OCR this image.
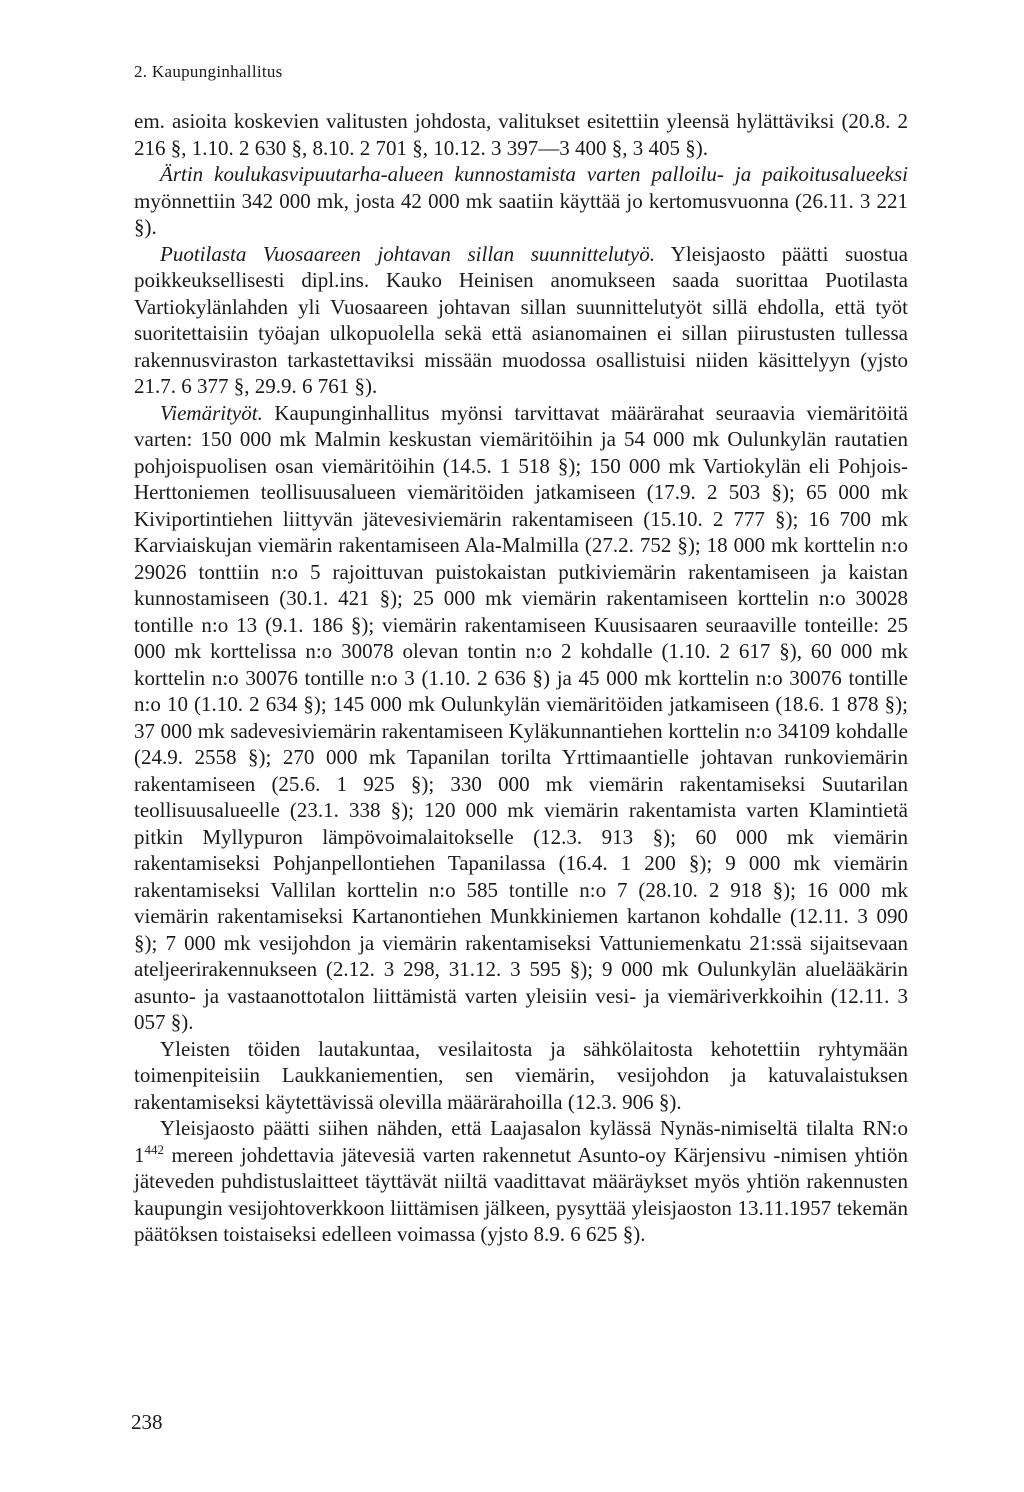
2. Kaupunginhallitus

em. asioita koskevien valitusten johdosta, valitukset esitettiin yleensä hylättäviksi (20.8. 2 216 §, 1.10. 2 630 §, 8.10. 2 701 §, 10.12. 3 397—3 400 §, 3 405 §).

Ärtin koulukasvipuutarha-alueen kunnostamista varten palloilu- ja paikoitusalueeksi myönnettiin 342 000 mk, josta 42 000 mk saatiin käyttää jo kertomusvuonna (26.11. 3 221 §).

Puotilasta Vuosaareen johtavan sillan suunnittelutyö. Yleisjaosto päätti suostua poikkeuksellisesti dipl.ins. Kauko Heinisen anomukseen saada suorittaa Puotilasta Vartiokylänlahden yli Vuosaareen johtavan sillan suunnittelutyöt sillä ehdolla, että työt suoritettaisiin työajan ulkopuolella sekä että asianomainen ei sillan piirustusten tullessa rakennusviraston tarkastettaviksi missään muodossa osallistuisi niiden käsittelyyn (yjsto 21.7. 6 377 §, 29.9. 6 761 §).

Viemärityöt. Kaupunginhallitus myönsi tarvittavat määrärahat seuraavia viemäritöitä varten: 150 000 mk Malmin keskustan viemäritöihin ja 54 000 mk Oulunkylän rautatien pohjoispuolisen osan viemäritöihin (14.5. 1 518 §); 150 000 mk Vartiokylän eli Pohjois-Herttoniemen teollisuusalueen viemäritöiden jatkamiseen (17.9. 2 503 §); 65 000 mk Kiviportintiehen liittyvän jätevesiviemärin rakentamiseen (15.10. 2 777 §); 16 700 mk Karviaiskujan viemärin rakentamiseen Ala-Malmilla (27.2. 752 §); 18 000 mk korttelin n:o 29026 tonttiin n:o 5 rajoittuvan puistokaistan putkiviemärin rakentamiseen ja kaistan kunnostamiseen (30.1. 421 §); 25 000 mk viemärin rakentamiseen korttelin n:o 30028 tontille n:o 13 (9.1. 186 §); viemärin rakentamiseen Kuusisaaren seuraaville tonteille: 25 000 mk korttelissa n:o 30078 olevan tontin n:o 2 kohdalle (1.10. 2 617 §), 60 000 mk korttelin n:o 30076 tontille n:o 3 (1.10. 2 636 §) ja 45 000 mk korttelin n:o 30076 tontille n:o 10 (1.10. 2 634 §); 145 000 mk Oulunkylän viemäritöiden jatkamiseen (18.6. 1 878 §); 37 000 mk sadevesiviemärin rakentamiseen Kyläkunnantiehen korttelin n:o 34109 kohdalle (24.9. 2558 §); 270 000 mk Tapanilan torilta Yrttimaantielle johtavan runkoviemärin rakentamiseen (25.6. 1 925 §); 330 000 mk viemärin rakentamiseksi Suutarilan teollisuusalueelle (23.1. 338 §); 120 000 mk viemärin rakentamista varten Klamintietä pitkin Myllypuron lämpövoimalaitokselle (12.3. 913 §); 60 000 mk viemärin rakentamiseksi Pohjanpellontiehen Tapanilassa (16.4. 1 200 §); 9 000 mk viemärin rakentamiseksi Vallilan korttelin n:o 585 tontille n:o 7 (28.10. 2 918 §); 16 000 mk viemärin rakentamiseksi Kartanontiehen Munkkiniemen kartanon kohdalle (12.11. 3 090 §); 7 000 mk vesijohdon ja viemärin rakentamiseksi Vattuniemenkatu 21:ssä sijaitsevaan ateljeerirakennukseen (2.12. 3 298, 31.12. 3 595 §); 9 000 mk Oulunkylän aluelääkärin asunto- ja vastaanottotalon liittämistä varten yleisiin vesi- ja viemäriverkkoihin (12.11. 3 057 §).

Yleisten töiden lautakuntaa, vesilaitosta ja sähkölaitosta kehotettiin ryhtymään toimenpiteisiin Laukkaniementien, sen viemärin, vesijohdon ja katuvalaistuksen rakentamiseksi käytettävissä olevilla määrärahoilla (12.3. 906 §).

Yleisjaosto päätti siihen nähden, että Laajasalon kylässä Nynäs-nimiseltä tilalta RN:o $1^{442}$ mereen johdettavia jätevesiä varten rakennetut Asunto-oy Kärjensivu -nimisen yhtiön jäteveden puhdistuslaitteet täyttävät niiltä vaadittavat määräykset myös yhtiön rakennusten kaupungin vesijohtoverkkoon liittämisen jälkeen, pysyttää yleisjaoston 13.11.1957 tekemän päätöksen toistaiseksi edelleen voimassa (yjsto 8.9. 6 625 §).

238
